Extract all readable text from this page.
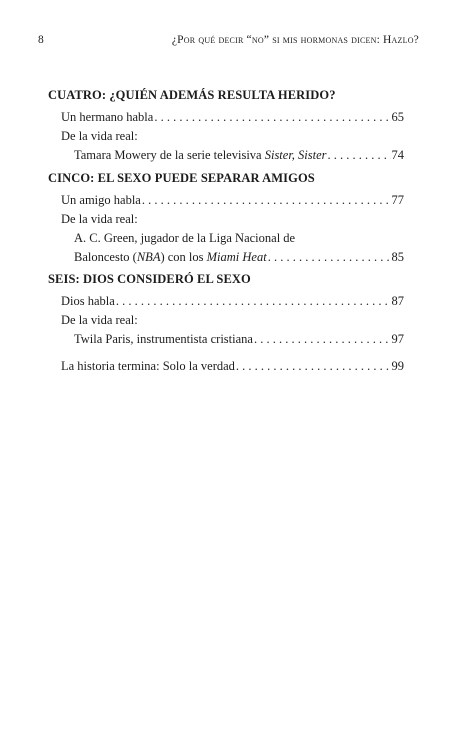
8	¿Por qué decir “no” si mis hormonas dicen: Hazlo?
CUATRO: ¿QUIÉN ADEMÁS RESULTA HERIDO?
Un hermano habla . . .	65
De la vida real:
Tamara Mowery de la serie televisiva Sister, Sister . . .	74
CINCO: EL SEXO PUEDE SEPARAR AMIGOS
Un amigo habla . . .	77
De la vida real:
A. C. Green, jugador de la Liga Nacional de
Baloncesto (NBA) con los Miami Heat . . .	85
SEIS: DIOS CONSIDERÓ EL SEXO
Dios habla . . .	87
De la vida real:
Twila Paris, instrumentista cristiana . . .	97
La historia termina: Solo la verdad . . .	99
